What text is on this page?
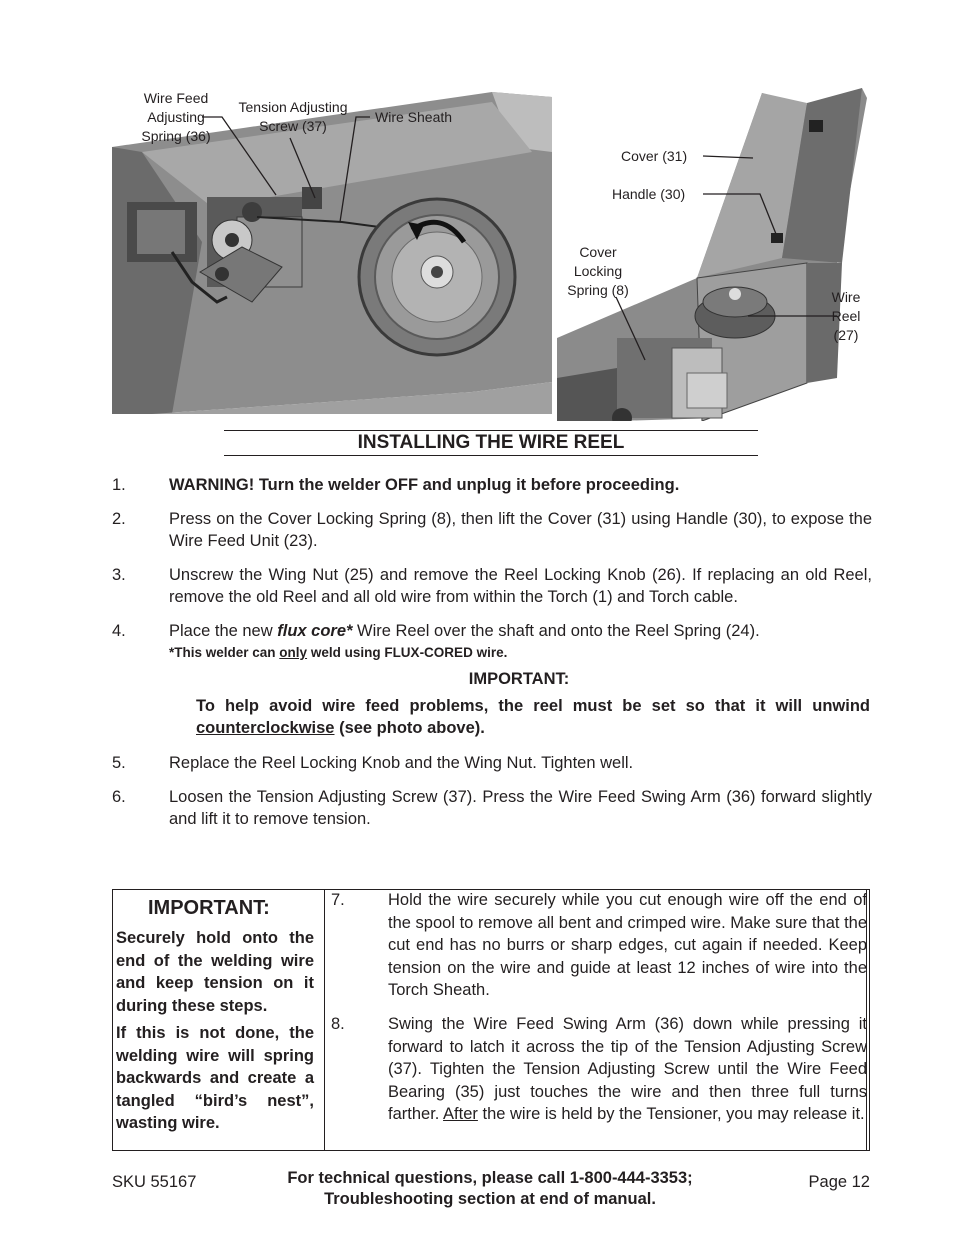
Wire Feed Adjusting Spring (36)
Tension Adjusting Screw (37)
Wire Sheath
Cover (31)
Handle (30)
Cover Locking Spring (8)	Wire Reel (27)
INSTALLING THE WIRE REEL
1.	WARNING! Turn the welder OFF and unplug it before proceeding.
2.	Press on the Cover Locking Spring (8), then lift the Cover (31) using Handle (30), to expose the Wire Feed Unit (23).
3.	Unscrew the Wing Nut (25) and remove the Reel Locking Knob (26). If replacing an old Reel, remove the old Reel and all old wire from within the Torch (1) and Torch cable.
4.	Place the new flux core* Wire Reel over the shaft and onto the Reel Spring (24).
*This welder can only weld using FLUX-CORED wire.
IMPORTANT:
To help avoid wire feed problems, the reel must be set so that it will unwind counterclockwise (see photo above).
5.	Replace the Reel Locking Knob and the Wing Nut. Tighten well.
6.	Loosen the Tension Adjusting Screw (37). Press the Wire Feed Swing Arm (36) forward slightly and lift it to remove tension.
IMPORTANT:
Securely hold onto the end of the welding wire and keep tension on it during these steps.
If this is not done, the welding wire will spring backwards and create a tangled “bird’s nest”, wasting wire.
7.	Hold the wire securely while you cut enough wire off the end of the spool to remove all bent and crimped wire. Make sure that the cut end has no burrs or sharp edges, cut again if needed. Keep tension on the wire and guide at least 12 inches of wire into the Torch Sheath.
8.	Swing the Wire Feed Swing Arm (36) down while pressing it forward to latch it across the tip of the Tension Adjusting Screw (37). Tighten the Tension Adjusting Screw until the Wire Feed Bearing (35) just touches the wire and then three full turns farther. After the wire is held by the Tensioner, you may release it.
SKU 55167	For technical questions, please call 1-800-444-3353;
Troubleshooting section at end of manual.
Page 12
